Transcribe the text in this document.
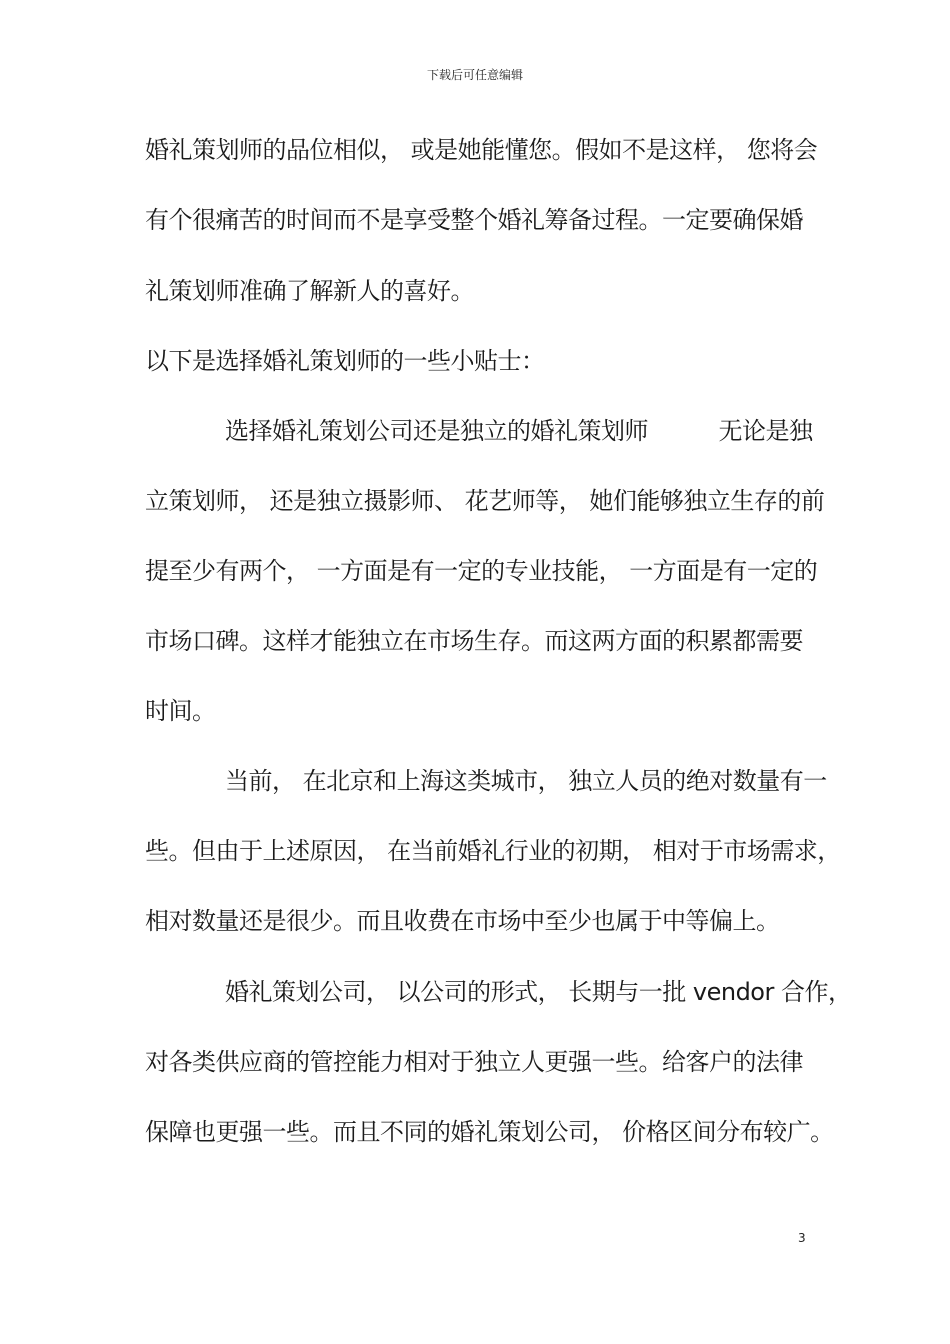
下载后可任意编辑
婚礼策划师的品位相似， 或是她能懂您。假如不是这样， 您将会
有个很痛苦的时间而不是享受整个婚礼筹备过程。一定要确保婚
礼策划师准确了解新人的喜好。
以下是选择婚礼策划师的一些小贴士：
选择婚礼策划公司还是独立的婚礼策划师　　　无论是独
立策划师， 还是独立摄影师、 花艺师等， 她们能够独立生存的前
提至少有两个， 一方面是有一定的专业技能， 一方面是有一定的
市场口碑。这样才能独立在市场生存。而这两方面的积累都需要
时间。
当前， 在北京和上海这类城市， 独立人员的绝对数量有一
些。但由于上述原因， 在当前婚礼行业的初期， 相对于市场需求，
相对数量还是很少。而且收费在市场中至少也属于中等偏上。
婚礼策划公司， 以公司的形式， 长期与一批 vendor 合作，
对各类供应商的管控能力相对于独立人更强一些。给客户的法律
保障也更强一些。而且不同的婚礼策划公司， 价格区间分布较广。
3
